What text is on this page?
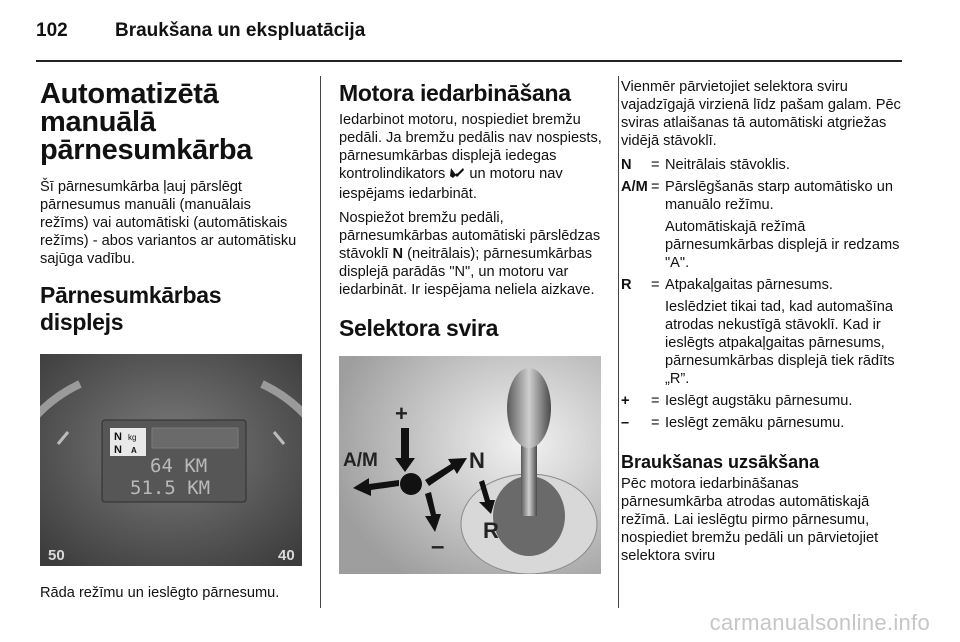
102	Braukšana un ekspluatācija
Automatizētā manuālā pārnesumkārba

Šī pārnesumkārba ļauj pārslēgt pārnesumus manuāli (manuālais režīms) vai automātiski (automātiskais režīms) - abos variantos ar automātisku sajūga vadību.

Pārnesumkārbas displejs
50	40
N
N
kg
A
64 KM
51.5 KM

Rāda režīmu un ieslēgto pārnesumu.

Motora iedarbināšana

Iedarbinot motoru, nospiediet bremžu pedāli. Ja bremžu pedālis nav nospiests, pārnesumkārbas displejā iedegas kontrolindikators un motoru nav iespējams iedarbināt.

Nospiežot bremžu pedāli, pārnesumkārbas automātiski pārslēdzas stāvoklī N (neitrālais); pārnesumkārbas displejā parādās "N", un motoru var iedarbināt. Ir iespējama neliela aizkave.

Selektora svira
+
A/M	N
–
R

Vienmēr pārvietojiet selektora sviru vajadzīgajā virzienā līdz pašam galam. Pēc sviras atlaišanas tā automātiski atgriežas vidējā stāvoklī.

N	= Neitrālais stāvoklis.
A/M = Pārslēgšanās starp automātisko un manuālo režīmu.
Automātiskajā režīmā pārnesumkārbas displejā ir redzams "A".
R	= Atpakaļgaitas pārnesums.
Ieslēdziet tikai tad, kad automašīna atrodas nekustīgā stāvoklī. Kad ir ieslēgts atpakaļgaitas pārnesums, pārnesumkārbas displejā tiek rādīts „R”.
+	= Ieslēgt augstāku pārnesumu.
–	= Ieslēgt zemāku pārnesumu.
Braukšanas uzsākšana

Pēc motora iedarbināšanas pārnesumkārba atrodas automātiskajā režīmā. Lai ieslēgtu pirmo pārnesumu, nospiediet bremžu pedāli un pārvietojiet selektora sviru

carmanualsonline.info
